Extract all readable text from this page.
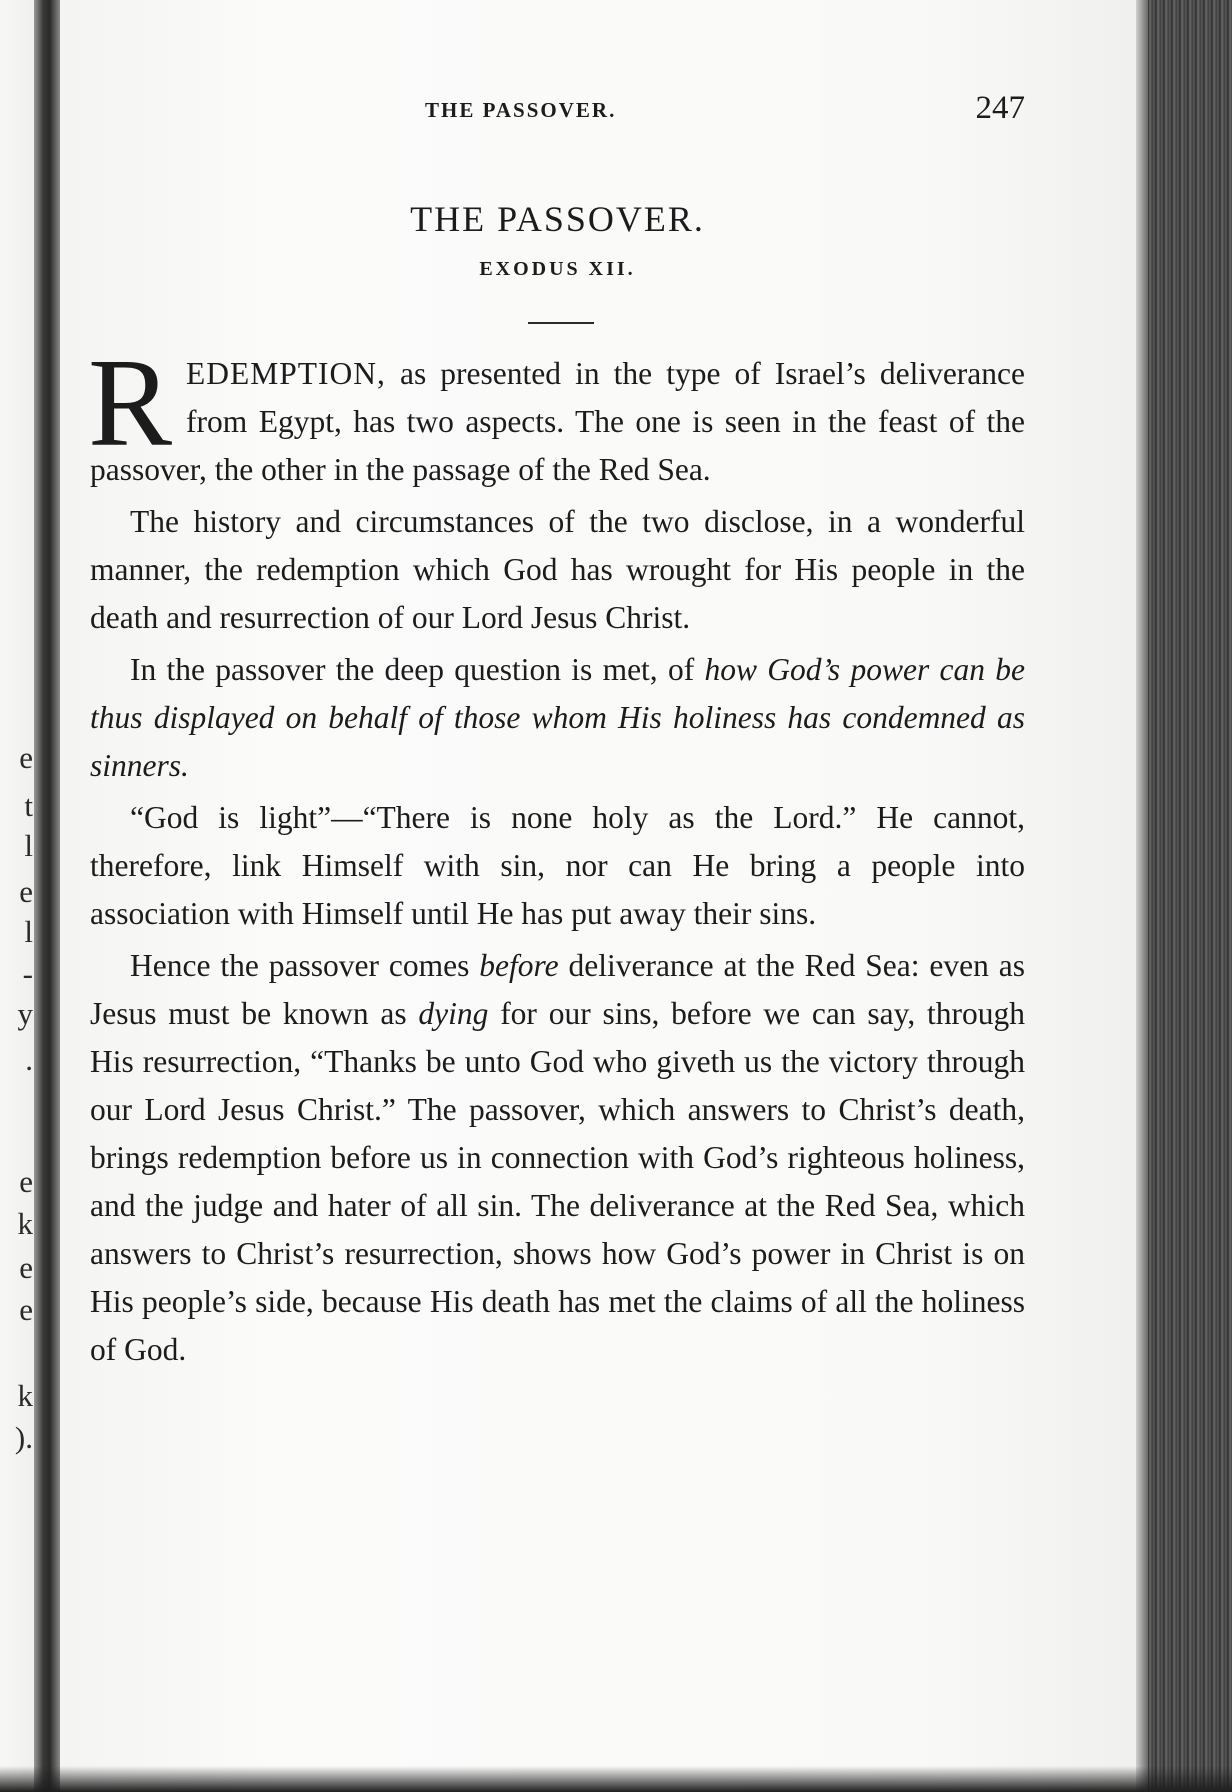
e
t
l
e
l
-
y
.
e
k
e
e
k
).
THE PASSOVER.	247
THE PASSOVER.
EXODUS XII.

REDEMPTION, as presented in the type of Israel’s deliverance from Egypt, has two aspects. The one is seen in the feast of the passover, the other in the passage of the Red Sea.

The history and circumstances of the two disclose, in a wonderful manner, the redemption which God has wrought for His people in the death and resurrection of our Lord Jesus Christ.

In the passover the deep question is met, of how God’s power can be thus displayed on behalf of those whom His holiness has condemned as sinners.

“God is light”—“There is none holy as the Lord.” He cannot, therefore, link Himself with sin, nor can He bring a people into association with Himself until He has put away their sins.

Hence the passover comes before deliverance at the Red Sea: even as Jesus must be known as dying for our sins, before we can say, through His resurrection, “Thanks be unto God who giveth us the victory through our Lord Jesus Christ.” The passover, which answers to Christ’s death, brings redemption before us in connection with God’s righteous holiness, and the judge and hater of all sin. The deliverance at the Red Sea, which answers to Christ’s resurrection, shows how God’s power in Christ is on His people’s side, because His death has met the claims of all the holiness of God.
